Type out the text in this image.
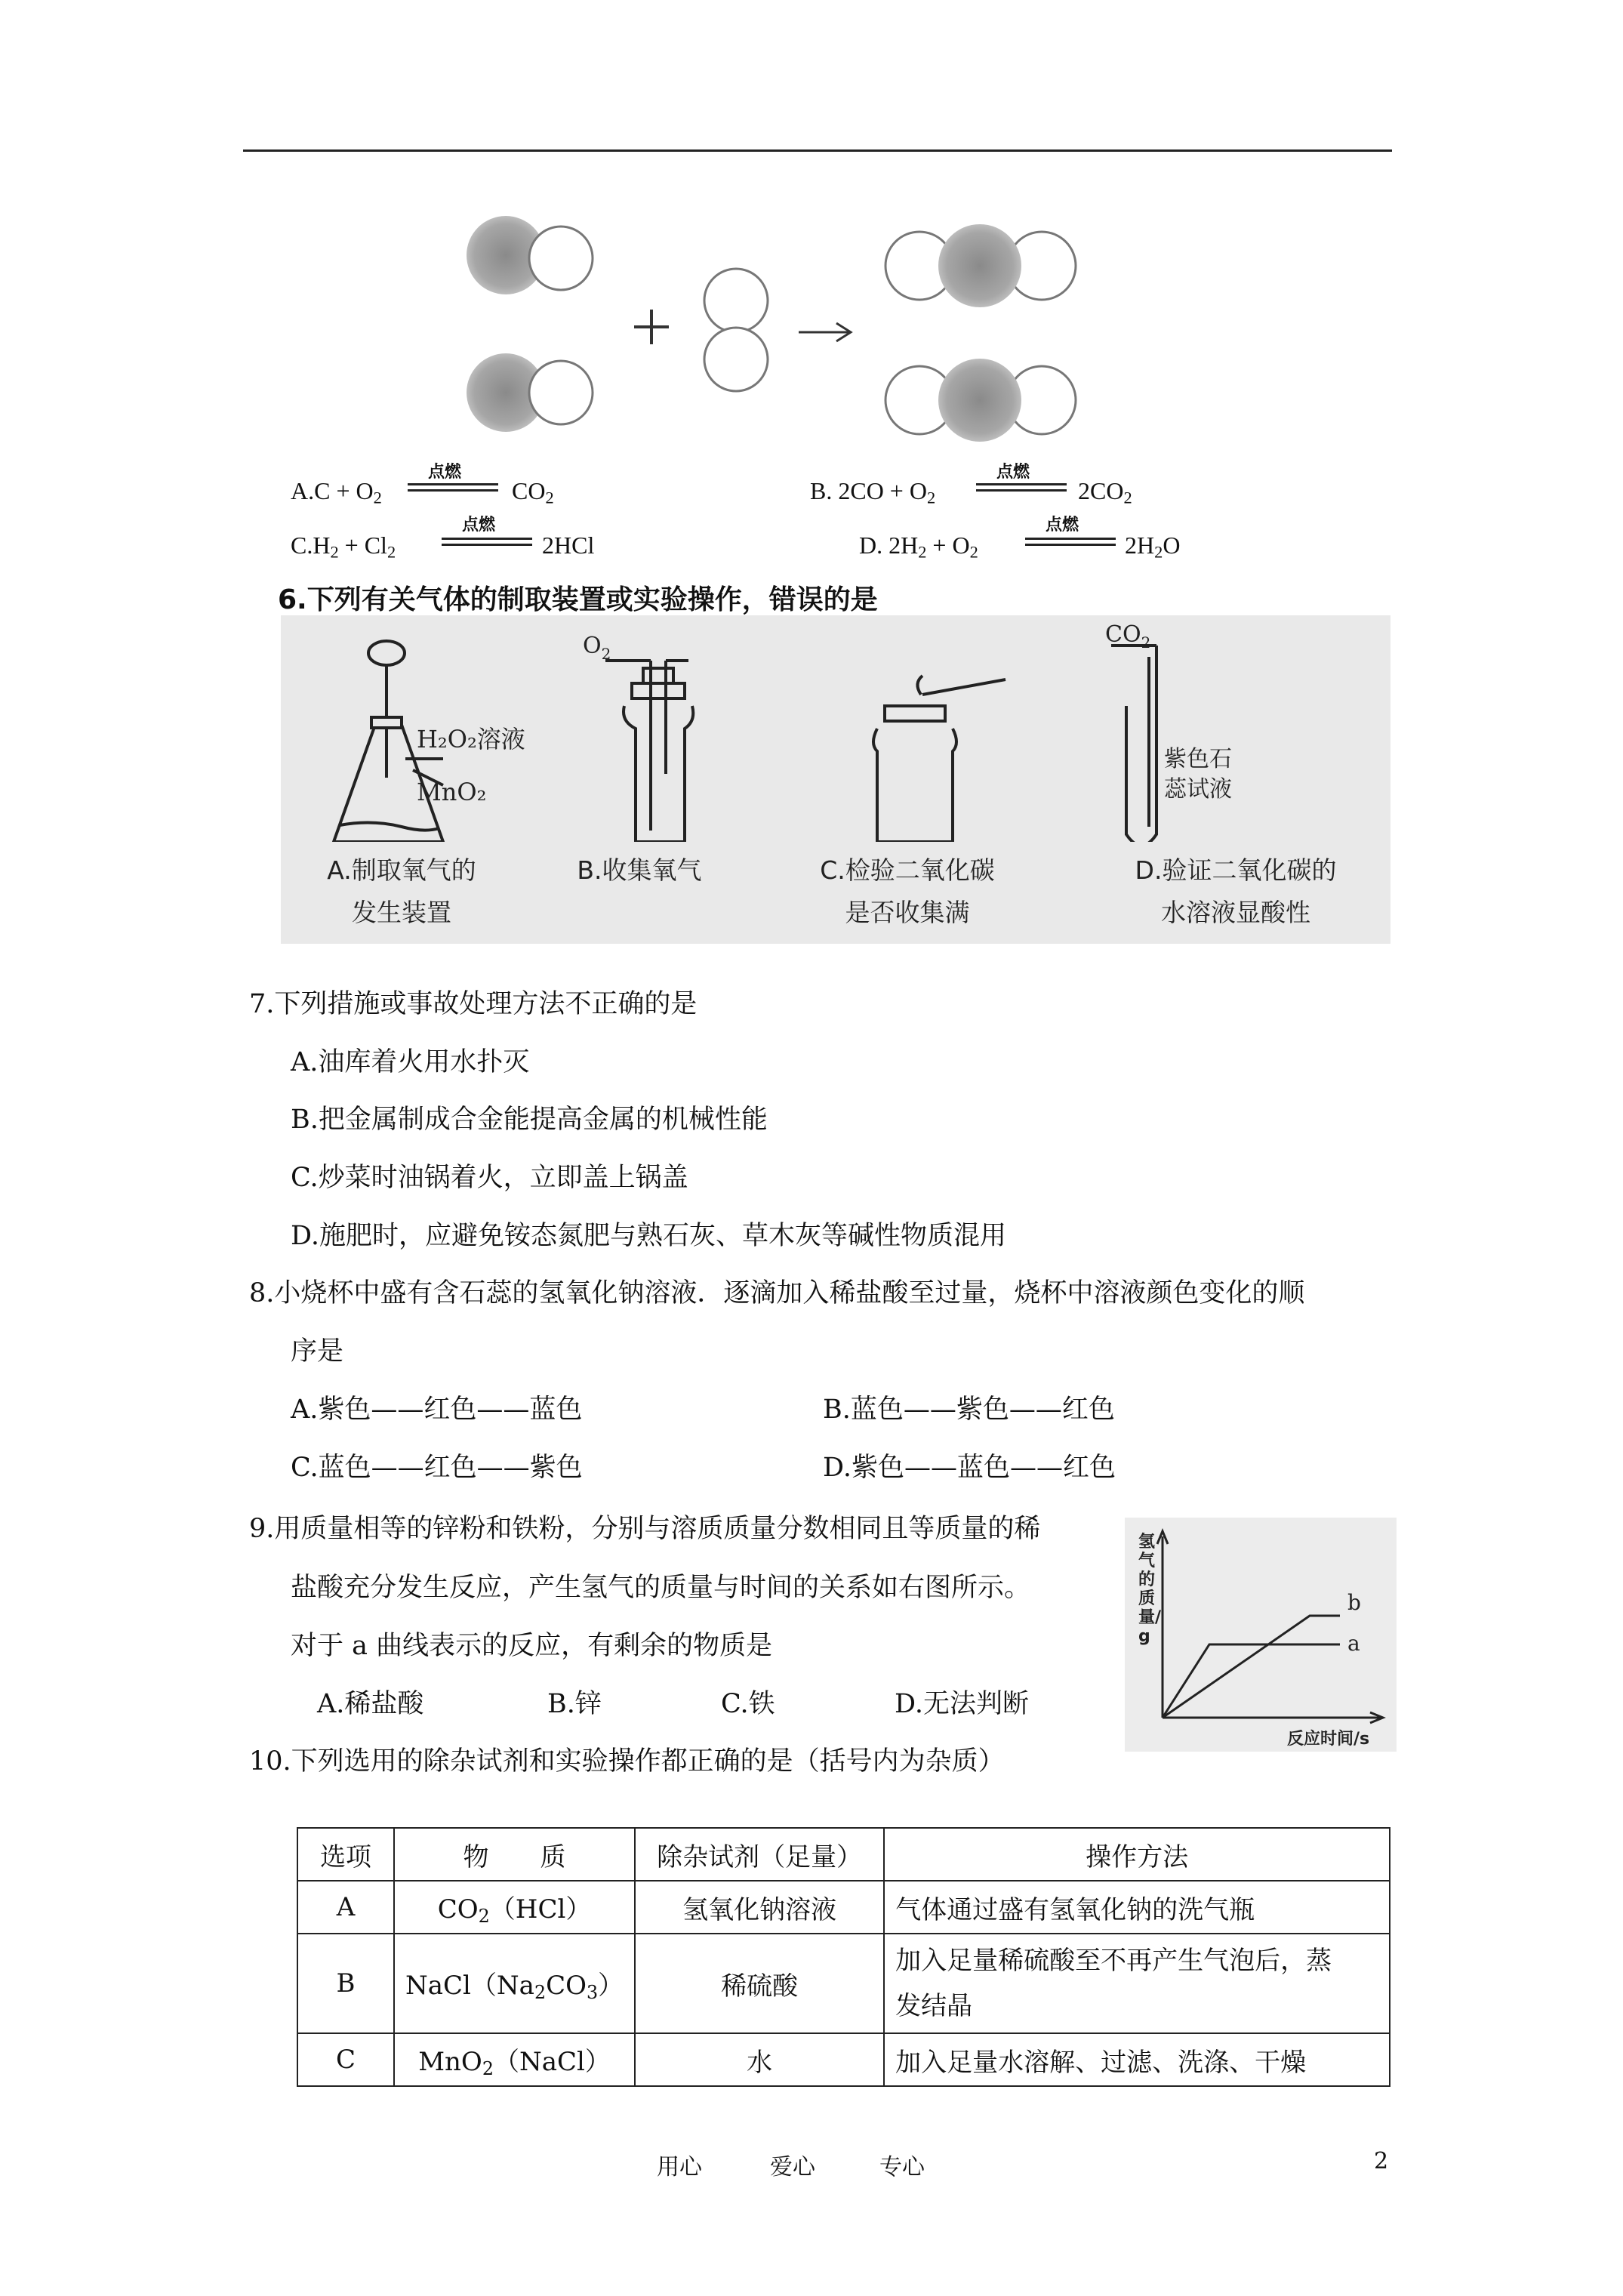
$A.C + O_2$
点燃
$CO_2$	B. $2CO + O_2$
点燃
$2CO_2$
$C.H_2 + Cl_2$
点燃
2HCl	D. $2H_2 + O_2$
点燃
$2H_2O$
6.下列有关气体的制取装置或实验操作，错误的是
H₂O₂溶液
MnO₂
$O_2$
$CO_2$
紫色石
蕊试液
A.制取氧气的
发生装置
B.收集氧气	C.检验二氧化碳
是否收集满
D.验证二氧化碳的
水溶液显酸性
7.下列措施或事故处理方法不正确的是
A.油库着火用水扑灭
B.把金属制成合金能提高金属的机械性能
C.炒菜时油锅着火，立即盖上锅盖
D.施肥时，应避免铵态氮肥与熟石灰、草木灰等碱性物质混用
8.小烧杯中盛有含石蕊的氢氧化钠溶液．逐滴加入稀盐酸至过量，烧杯中溶液颜色变化的顺
序是
A.紫色——红色——蓝色	B.蓝色——紫色——红色
C.蓝色——红色——紫色	D.紫色——蓝色——红色
9.用质量相等的锌粉和铁粉，分别与溶质质量分数相同且等质量的稀
盐酸充分发生反应，产生氢气的质量与时间的关系如右图所示。
对于 a 曲线表示的反应，有剩余的物质是
A.稀盐酸	B.锌	C.铁	D.无法判断
b
a
反应时间/s
氢气的质量/g
10.下列选用的除杂试剂和实验操作都正确的是（括号内为杂质）
选项	物　　质	除杂试剂（足量）	操作方法
A	$CO_2(HCl)$	氢氧化钠溶液	气体通过盛有氢氧化钠的洗气瓶
B	$NaCl(Na_2CO_3)$	稀硫酸	加入足量稀硫酸至不再产生气泡后，蒸
发结晶

C	MnO$_2$（NaCl）	水	加入足量水溶解、过滤、洗涤、干燥
用心	爱心	专心	2
